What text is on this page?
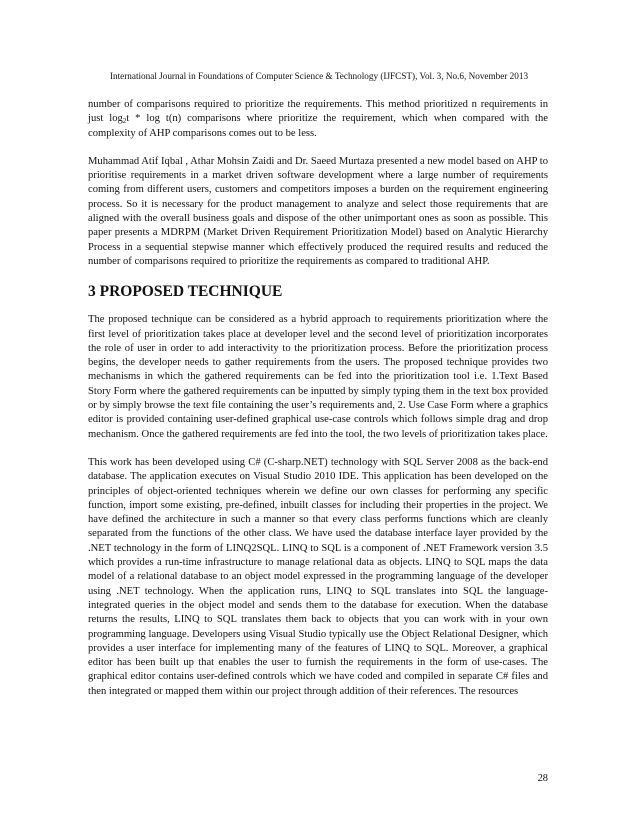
International Journal in Foundations of Computer Science & Technology (IJFCST), Vol. 3, No.6, November 2013

number of comparisons required to prioritize the requirements. This method prioritized n requirements in just $\log_2t$ * log t(n) comparisons where prioritize the requirement, which when compared with the complexity of AHP comparisons comes out to be less.

Muhammad Atif Iqbal , Athar Mohsin Zaidi and Dr. Saeed Murtaza presented a new model based on AHP to prioritise requirements in a market driven software development where a large number of requirements coming from different users, customers and competitors imposes a burden on the requirement engineering process. So it is necessary for the product management to analyze and select those requirements that are aligned with the overall business goals and dispose of the other unimportant ones as soon as possible. This paper presents a MDRPM (Market Driven Requirement Prioritization Model) based on Analytic Hierarchy Process in a sequential stepwise manner which effectively produced the required results and reduced the number of comparisons required to prioritize the requirements as compared to traditional AHP.

3 PROPOSED TECHNIQUE

The proposed technique can be considered as a hybrid approach to requirements prioritization where the first level of prioritization takes place at developer level and the second level of prioritization incorporates the role of user in order to add interactivity to the prioritization process. Before the prioritization process begins, the developer needs to gather requirements from the users. The proposed technique provides two mechanisms in which the gathered requirements can be fed into the prioritization tool i.e. 1.Text Based Story Form where the gathered requirements can be inputted by simply typing them in the text box provided or by simply browse the text file containing the user’s requirements and, 2. Use Case Form where a graphics editor is provided containing user-defined graphical use-case controls which follows simple drag and drop mechanism. Once the gathered requirements are fed into the tool, the two levels of prioritization takes place.

This work has been developed using C# (C-sharp.NET) technology with SQL Server 2008 as the back-end database. The application executes on Visual Studio 2010 IDE. This application has been developed on the principles of object-oriented techniques wherein we define our own classes for performing any specific function, import some existing, pre-defined, inbuilt classes for including their properties in the project. We have defined the architecture in such a manner so that every class performs functions which are cleanly separated from the functions of the other class. We have used the database interface layer provided by the .NET technology in the form of LINQ2SQL. LINQ to SQL is a component of .NET Framework version 3.5 which provides a run-time infrastructure to manage relational data as objects. LINQ to SQL maps the data model of a relational database to an object model expressed in the programming language of the developer using .NET technology. When the application runs, LINQ to SQL translates into SQL the language-integrated queries in the object model and sends them to the database for execution. When the database returns the results, LINQ to SQL translates them back to objects that you can work with in your own programming language. Developers using Visual Studio typically use the Object Relational Designer, which provides a user interface for implementing many of the features of LINQ to SQL. Moreover, a graphical editor has been built up that enables the user to furnish the requirements in the form of use-cases. The graphical editor contains user-defined controls which we have coded and compiled in separate C# files and then integrated or mapped them within our project through addition of their references. The resources

28
